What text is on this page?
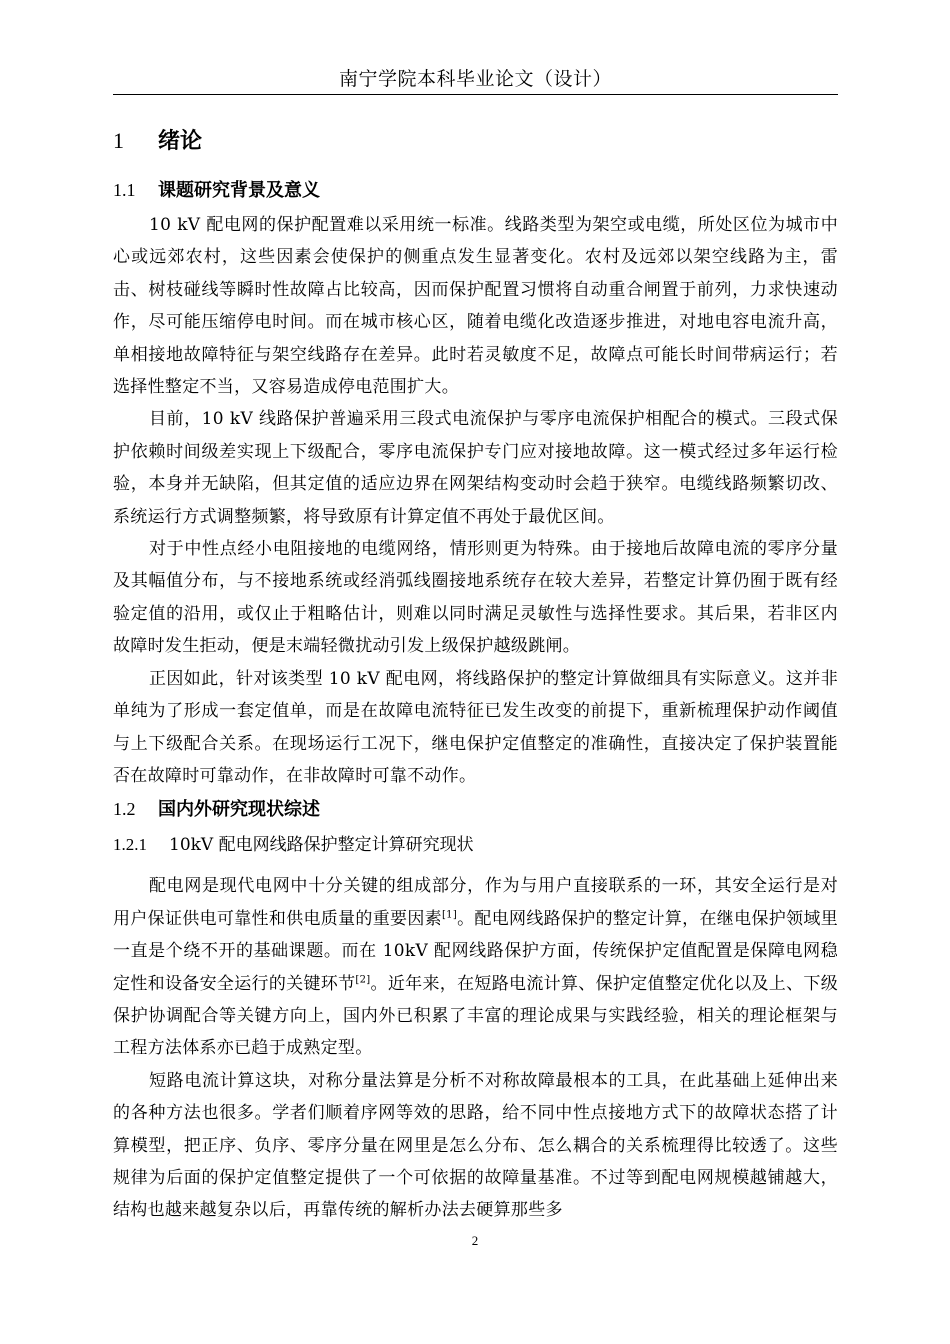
南宁学院本科毕业论文（设计）
1 绪论
1.1 课题研究背景及意义

10 kV 配电网的保护配置难以采用统一标准。线路类型为架空或电缆，所处区位为城市中心或远郊农村，这些因素会使保护的侧重点发生显著变化。农村及远郊以架空线路为主，雷击、树枝碰线等瞬时性故障占比较高，因而保护配置习惯将自动重合闸置于前列，力求快速动作，尽可能压缩停电时间。而在城市核心区，随着电缆化改造逐步推进，对地电容电流升高，单相接地故障特征与架空线路存在差异。此时若灵敏度不足，故障点可能长时间带病运行；若选择性整定不当，又容易造成停电范围扩大。

目前，10 kV 线路保护普遍采用三段式电流保护与零序电流保护相配合的模式。三段式保护依赖时间级差实现上下级配合，零序电流保护专门应对接地故障。这一模式经过多年运行检验，本身并无缺陷，但其定值的适应边界在网架结构变动时会趋于狭窄。电缆线路频繁切改、系统运行方式调整频繁，将导致原有计算定值不再处于最优区间。

对于中性点经小电阻接地的电缆网络，情形则更为特殊。由于接地后故障电流的零序分量及其幅值分布，与不接地系统或经消弧线圈接地系统存在较大差异，若整定计算仍囿于既有经验定值的沿用，或仅止于粗略估计，则难以同时满足灵敏性与选择性要求。其后果，若非区内故障时发生拒动，便是末端轻微扰动引发上级保护越级跳闸。

正因如此，针对该类型 10 kV 配电网，将线路保护的整定计算做细具有实际意义。这并非单纯为了形成一套定值单，而是在故障电流特征已发生改变的前提下，重新梳理保护动作阈值与上下级配合关系。在现场运行工况下，继电保护定值整定的准确性，直接决定了保护装置能否在故障时可靠动作，在非故障时可靠不动作。

1.2 国内外研究现状综述
1.2.1 10kV 配电网线路保护整定计算研究现状

配电网是现代电网中十分关键的组成部分，作为与用户直接联系的一环，其安全运行是对用户保证供电可靠性和供电质量的重要因素[1]。配电网线路保护的整定计算，在继电保护领域里一直是个绕不开的基础课题。而在 10kV 配网线路保护方面，传统保护定值配置是保障电网稳定性和设备安全运行的关键环节[2]。近年来，在短路电流计算、保护定值整定优化以及上、下级保护协调配合等关键方向上，国内外已积累了丰富的理论成果与实践经验，相关的理论框架与工程方法体系亦已趋于成熟定型。

短路电流计算这块，对称分量法算是分析不对称故障最根本的工具，在此基础上延伸出来的各种方法也很多。学者们顺着序网等效的思路，给不同中性点接地方式下的故障状态搭了计算模型，把正序、负序、零序分量在网里是怎么分布、怎么耦合的关系梳理得比较透了。这些规律为后面的保护定值整定提供了一个可依据的故障量基准。不过等到配电网规模越铺越大，结构也越来越复杂以后，再靠传统的解析办法去硬算那些多

2
